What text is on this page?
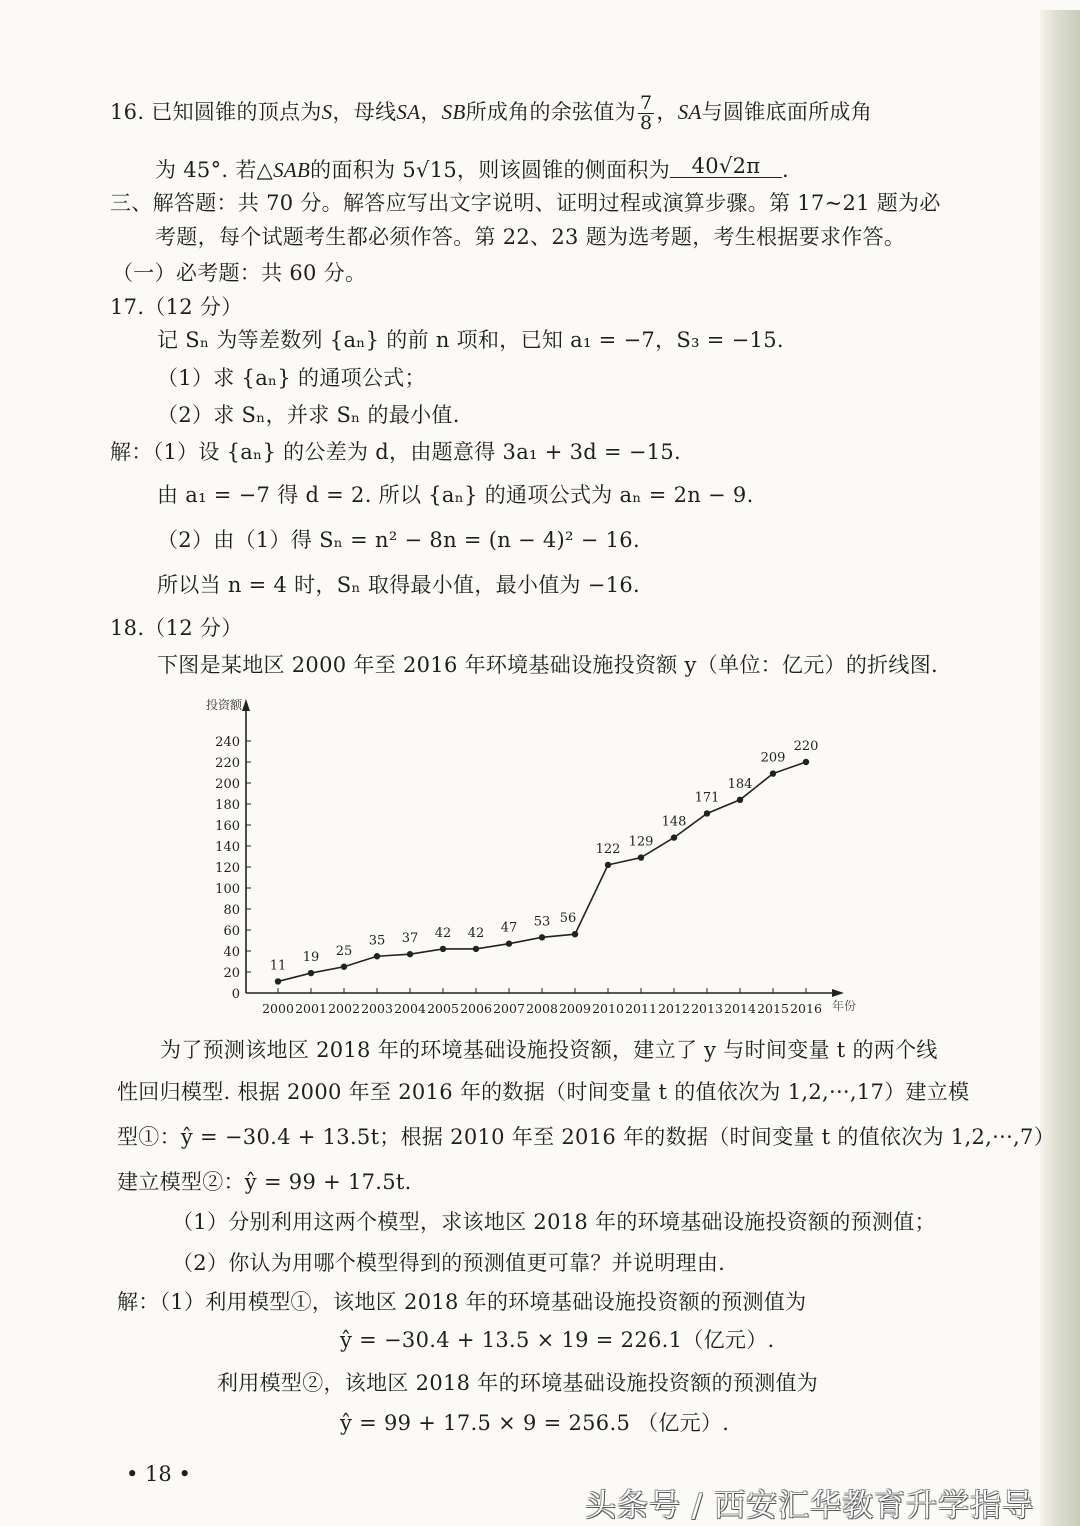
16. 已知圆锥的顶点为S，母线SA，SB所成角的余弦值为 $\frac{7}{8}$ ，SA与圆锥底面所成角
为 45°. 若△SAB的面积为 5√15，则该圆锥的侧面积为 40√2π .
三、解答题：共 70 分。解答应写出文字说明、证明过程或演算步骤。第 17~21 题为必
考题，每个试题考生都必须作答。第 22、23 题为选考题，考生根据要求作答。
（一）必考题：共 60 分。
17.（12 分）
记 Sₙ 为等差数列 {aₙ} 的前 n 项和，已知 a₁ = −7，S₃ = −15.
（1）求 {aₙ} 的通项公式；
（2）求 Sₙ，并求 Sₙ 的最小值.
解：（1）设 {aₙ} 的公差为 d，由题意得 3a₁ + 3d = −15.
由 a₁ = −7 得 d = 2. 所以 {aₙ} 的通项公式为 aₙ = 2n − 9.
（2）由（1）得 Sₙ = n² − 8n = (n − 4)² − 16.
所以当 n = 4 时，Sₙ 取得最小值，最小值为 −16.
18.（12 分）
下图是某地区 2000 年至 2016 年环境基础设施投资额 y（单位：亿元）的折线图.
投资额
年份
0
20
40
60
80
100
120
140
160
180
200
220
240
2000 2001 2002 2003 2004 2005 2006 2007 2008 2009 2010 2011 2012 2013 2014 2015 2016
11
19 25
35 37 42 42 47 53 56
122 129
148
171
184
209
220
为了预测该地区 2018 年的环境基础设施投资额，建立了 y 与时间变量 t 的两个线
性回归模型. 根据 2000 年至 2016 年的数据（时间变量 t 的值依次为 1,2,···,17）建立模
型①：ŷ = −30.4 + 13.5t；根据 2010 年至 2016 年的数据（时间变量 t 的值依次为 1,2,···,7）
建立模型②：ŷ = 99 + 17.5t.
（1）分别利用这两个模型，求该地区 2018 年的环境基础设施投资额的预测值；
（2）你认为用哪个模型得到的预测值更可靠？并说明理由.
解：（1）利用模型①，该地区 2018 年的环境基础设施投资额的预测值为
ŷ = −30.4 + 13.5 × 19 = 226.1（亿元）.
利用模型②，该地区 2018 年的环境基础设施投资额的预测值为
ŷ = 99 + 17.5 × 9 = 256.5 （亿元）.
• 18 •
头条号 / 西安汇华教育升学指导
